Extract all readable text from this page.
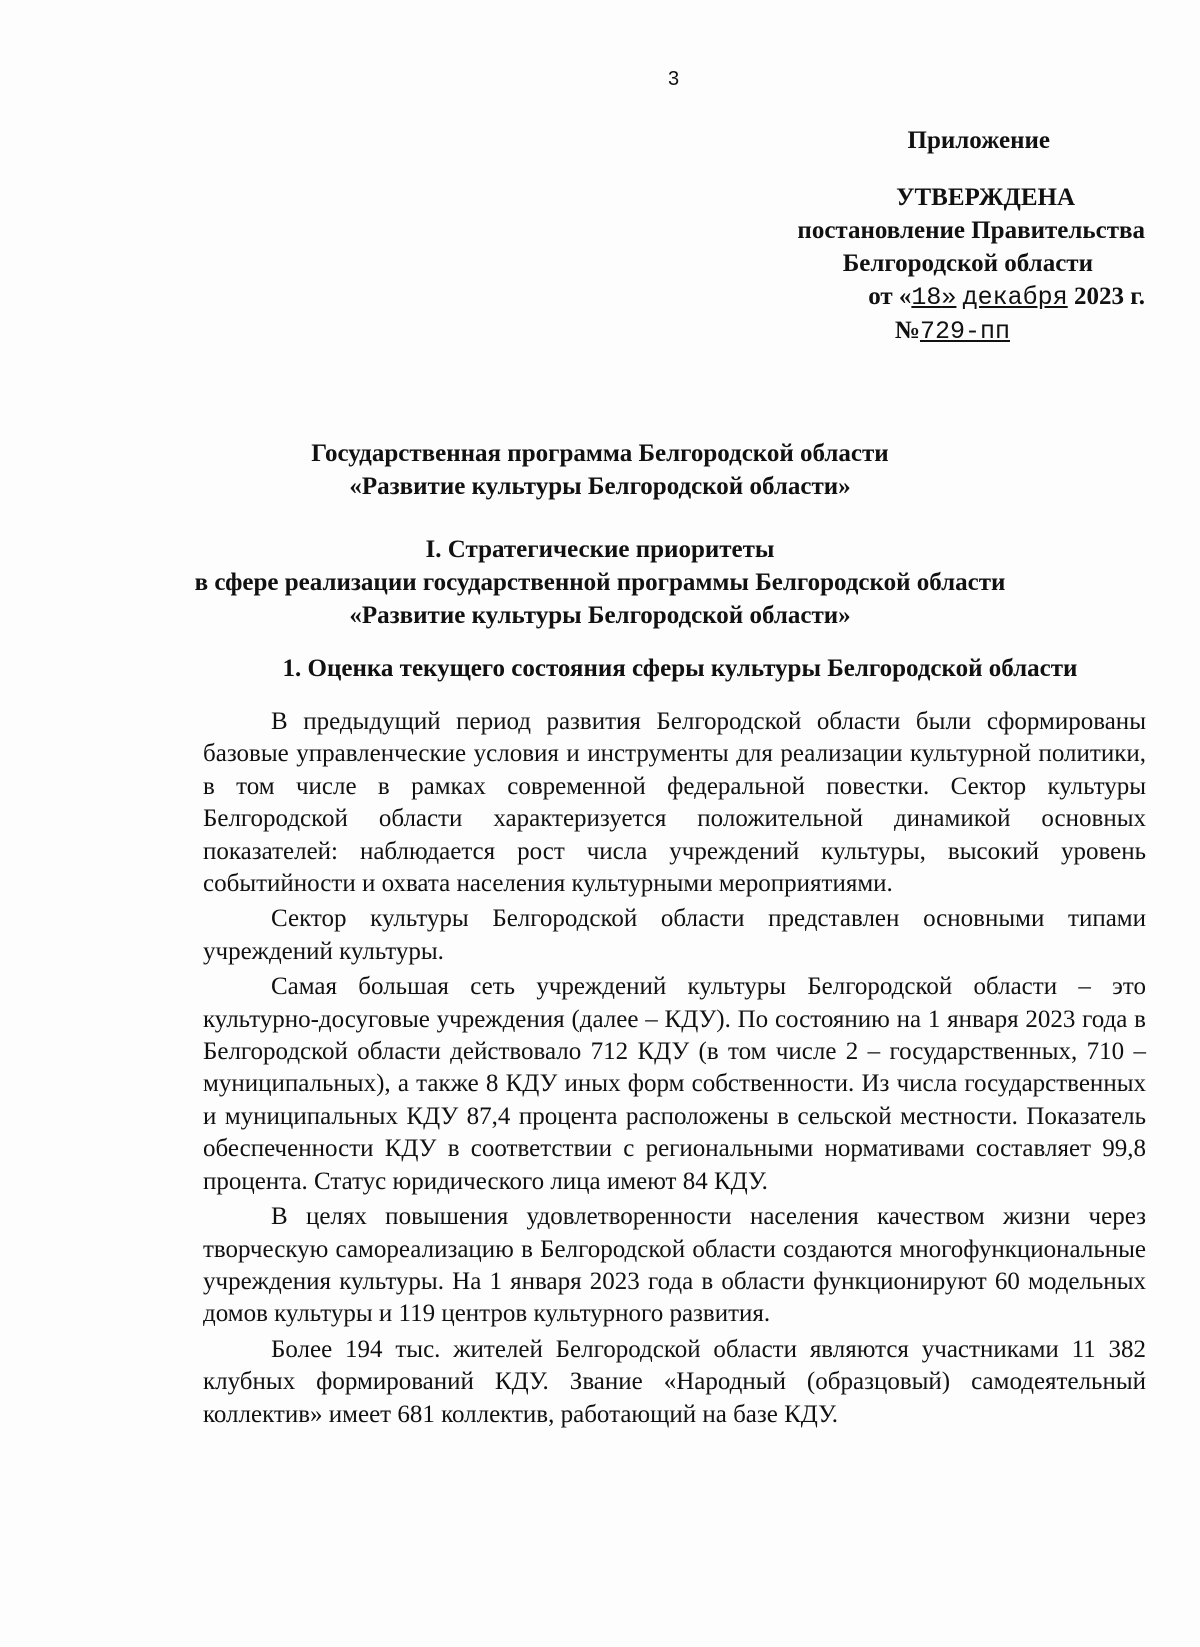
3
Приложение
УТВЕРЖДЕНА
постановление Правительства
Белгородской области
от «18» декабря 2023 г.
№729-пп
Государственная программа Белгородской области
«Развитие культуры Белгородской области»
I. Стратегические приоритеты
в сфере реализации государственной программы Белгородской области
«Развитие культуры Белгородской области»
1. Оценка текущего состояния сферы культуры Белгородской области

В предыдущий период развития Белгородской области были сформированы базовые управленческие условия и инструменты для реализации культурной политики, в том числе в рамках современной федеральной повестки. Сектор культуры Белгородской области характеризуется положительной динамикой основных показателей: наблюдается рост числа учреждений культуры, высокий уровень событийности и охвата населения культурными мероприятиями.

Сектор культуры Белгородской области представлен основными типами учреждений культуры.

Самая большая сеть учреждений культуры Белгородской области – это культурно-досуговые учреждения (далее – КДУ). По состоянию на 1 января 2023 года в Белгородской области действовало 712 КДУ (в том числе 2 – государственных, 710 – муниципальных), а также 8 КДУ иных форм собственности. Из числа государственных и муниципальных КДУ 87,4 процента расположены в сельской местности. Показатель обеспеченности КДУ в соответствии с региональными нормативами составляет 99,8 процента. Статус юридического лица имеют 84 КДУ.

В целях повышения удовлетворенности населения качеством жизни через творческую самореализацию в Белгородской области создаются многофункциональные учреждения культуры. На 1 января 2023 года в области функционируют 60 модельных домов культуры и 119 центров культурного развития.

Более 194 тыс. жителей Белгородской области являются участниками 11 382 клубных формирований КДУ. Звание «Народный (образцовый) самодеятельный коллектив» имеет 681 коллектив, работающий на базе КДУ.
